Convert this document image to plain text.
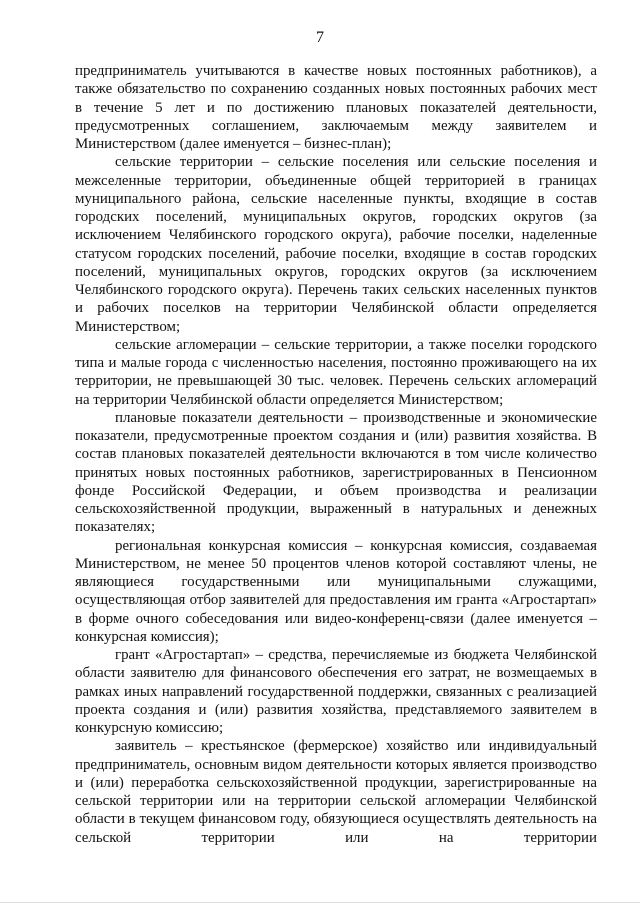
7

предприниматель учитываются в качестве новых постоянных работников), а также обязательство по сохранению созданных новых постоянных рабочих мест в течение 5 лет и по достижению плановых показателей деятельности, предусмотренных соглашением, заключаемым между заявителем и Министерством (далее именуется – бизнес-план);

сельские территории – сельские поселения или сельские поселения и межселенные территории, объединенные общей территорией в границах муниципального района, сельские населенные пункты, входящие в состав городских поселений, муниципальных округов, городских округов (за исключением Челябинского городского округа), рабочие поселки, наделенные статусом городских поселений, рабочие поселки, входящие в состав городских поселений, муниципальных округов, городских округов (за исключением Челябинского городского округа). Перечень таких сельских населенных пунктов и рабочих поселков на территории Челябинской области определяется Министерством;

сельские агломерации – сельские территории, а также поселки городского типа и малые города с численностью населения, постоянно проживающего на их территории, не превышающей 30 тыс. человек. Перечень сельских агломераций на территории Челябинской области определяется Министерством;

плановые показатели деятельности – производственные и экономические показатели, предусмотренные проектом создания и (или) развития хозяйства. В состав плановых показателей деятельности включаются в том числе количество принятых новых постоянных работников, зарегистрированных в Пенсионном фонде Российской Федерации, и объем производства и реализации сельскохозяйственной продукции, выраженный в натуральных и денежных показателях;

региональная конкурсная комиссия – конкурсная комиссия, создаваемая Министерством, не менее 50 процентов членов которой составляют члены, не являющиеся государственными или муниципальными служащими, осуществляющая отбор заявителей для предоставления им гранта «Агростартап» в форме очного собеседования или видео-конференц-связи (далее именуется – конкурсная комиссия);

грант «Агростартап» – средства, перечисляемые из бюджета Челябинской области заявителю для финансового обеспечения его затрат, не возмещаемых в рамках иных направлений государственной поддержки, связанных с реализацией проекта создания и (или) развития хозяйства, представляемого заявителем в конкурсную комиссию;

заявитель – крестьянское (фермерское) хозяйство или индивидуальный предприниматель, основным видом деятельности которых является производство и (или) переработка сельскохозяйственной продукции, зарегистрированные на сельской территории или на территории сельской агломерации Челябинской области в текущем финансовом году, обязующиеся осуществлять деятельность на сельской территории или на территории
